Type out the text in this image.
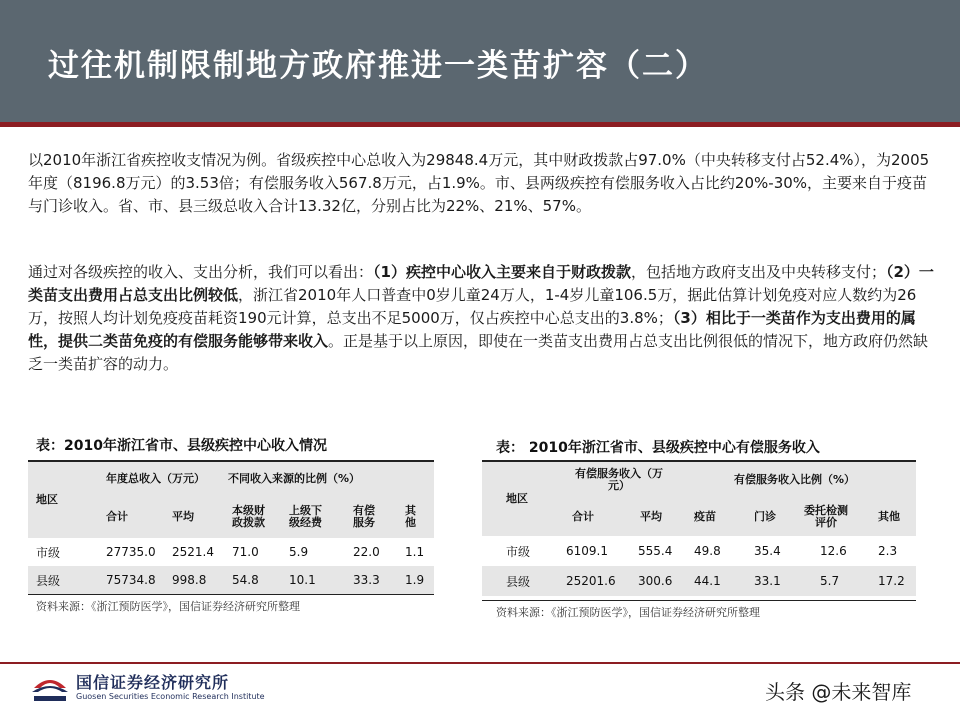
过往机制限制地方政府推进一类苗扩容（二）
以2010年浙江省疾控收支情况为例。省级疾控中心总收入为29848.4万元，其中财政拨款占97.0%（中央转移支付占52.4%），为2005年度（8196.8万元）的3.53倍；有偿服务收入567.8万元，占1.9%。市、县两级疾控有偿服务收入占比约20%-30%，主要来自于疫苗与门诊收入。省、市、县三级总收入合计13.32亿，分别占比为22%、21%、57%。
通过对各级疾控的收入、支出分析，我们可以看出：（1）疾控中心收入主要来自于财政拨款，包括地方政府支出及中央转移支付；（2）一类苗支出费用占总支出比例较低，浙江省2010年人口普查中0岁儿童24万人，1-4岁儿童106.5万，据此估算计划免疫对应人数约为26万，按照人均计划免疫疫苗耗资190元计算，总支出不足5000万，仅占疾控中心总支出的3.8%；（3）相比于一类苗作为支出费用的属性，提供二类苗免疫的有偿服务能够带来收入。正是基于以上原因，即使在一类苗支出费用占总支出比例很低的情况下，地方政府仍然缺乏一类苗扩容的动力。
表：2010年浙江省市、县级疾控中心收入情况
地区	年度总收入（万元）		不同收入来源的比例（%）			
	合计	平均	本级财政拨款	上级下级经费	有偿服务	其他

市级	27735.0	2521.4	71.0	5.9	22.0	1.1
县级	75734.8	998.8	54.8	10.1	33.3	1.9
资料来源：《浙江预防医学》，国信证券经济研究所整理
表： 2010年浙江省市、县级疾控中心有偿服务收入
地区	有偿服务收入（万元）		有偿服务收入比例（%）			
	合计	平均	疫苗	门诊	委托检测评价	其他
市级	6109.1	555.4	49.8	35.4	12.6	2.3
县级	25201.6	300.6	44.1	33.1	5.7	17.2
资料来源：《浙江预防医学》，国信证券经济研究所整理
国信证券经济研究所
Guosen Securities Economic Research Institute	头条 @未来智库
